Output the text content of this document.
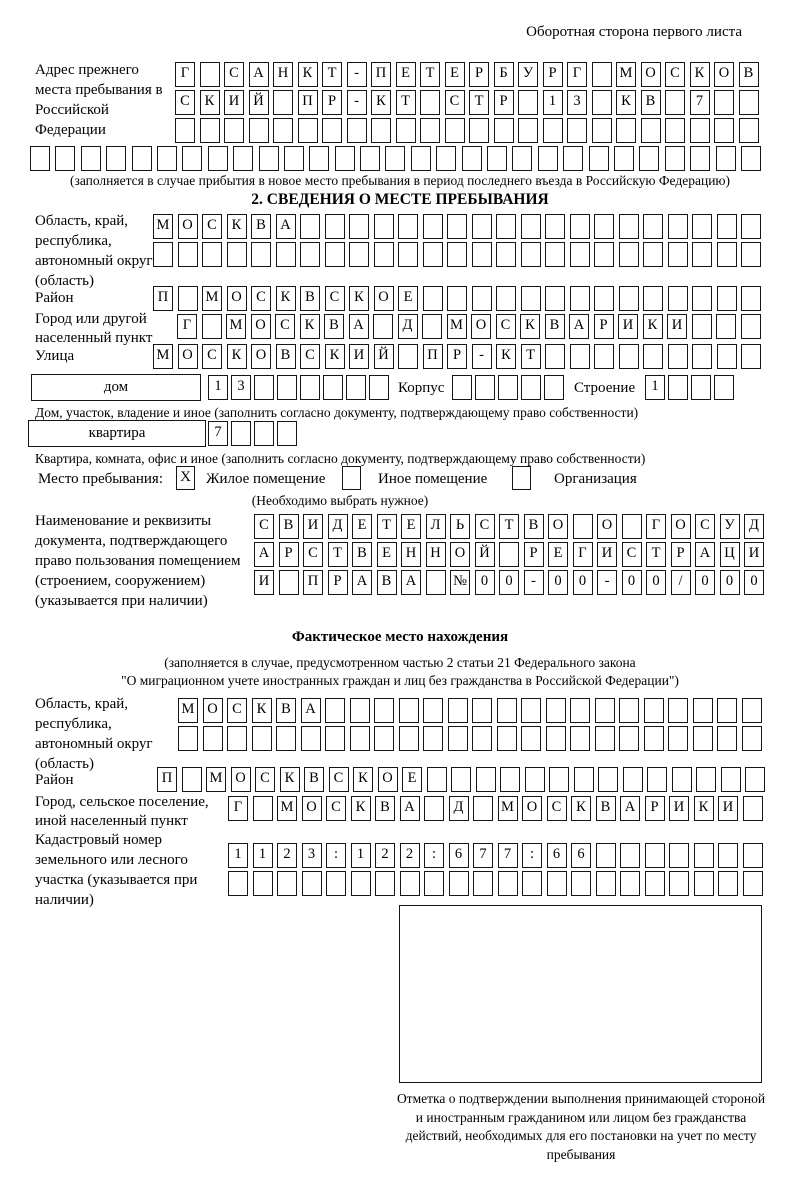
Оборотная сторона первого листа
Адрес прежнего места пребывания в Российской Федерации
Г	С А Н К	Т	-	П	Е	Т	Е	Р	Б	У	Р	Г	М О С	К О В
С	К И Й	П	Р	-	К	Т	С	Т	Р	1	3	К	В	7
(заполняется в случае прибытия в новое место пребывания в период последнего въезда в Российскую Федерацию)
2. СВЕДЕНИЯ О МЕСТЕ ПРЕБЫВАНИЯ
Область, край, республика, автономный округ (область)
М О С	К	В А
Район	П	М О С	К	В	С	К О	Е
Город или другой населенный пункт
Г	М О С	К	В А	Д	М О С	К	В А	Р	И К И
Улица	М О С	К О В	С	К И Й	П	Р	-	К	Т
дом	1	3	Корпус	Строение	1
Дом, участок, владение и иное (заполнить согласно документу, подтверждающему право собственности)
квартира	7
Квартира, комната, офис и иное (заполнить согласно документу, подтверждающему право собственности)
Место пребывания: X Жилое помещение	Иное помещение	Организация
(Необходимо выбрать нужное)
Наименование и реквизиты документа, подтверждающего право пользования помещением (строением, сооружением) (указывается при наличии)
С	В И Д	Е	Т	Е	Л	Ь	С	Т	В О	О	Г	О С	У Д
А	Р	С	Т	В	Е	Н Н О Й	Р	Е	Г	И С	Т	Р	А Ц И
И	П	Р	А В А	№ 0	0	-	0	0	-	0	0	/	0	0	0
Фактическое место нахождения
(заполняется в случае, предусмотренном частью 2 статьи 21 Федерального закона
"О миграционном учете иностранных граждан и лиц без гражданства в Российской Федерации")
Область, край, республика, автономный округ (область)
М О С	К	В А
Район	П	М О С	К	В	С	К О	Е
Город, сельское поселение, иной населенный пункт
Г	М О С	К	В А	Д	М О С	К	В А	Р	И К И
Кадастровый номер земельного или лесного участка (указывается при наличии)
1	1	2	3	:	1	2	2	:	6	7	7	:	6	6
Отметка о подтверждении выполнения принимающей стороной и иностранным гражданином или лицом без гражданства действий, необходимых для его постановки на учет по месту пребывания
